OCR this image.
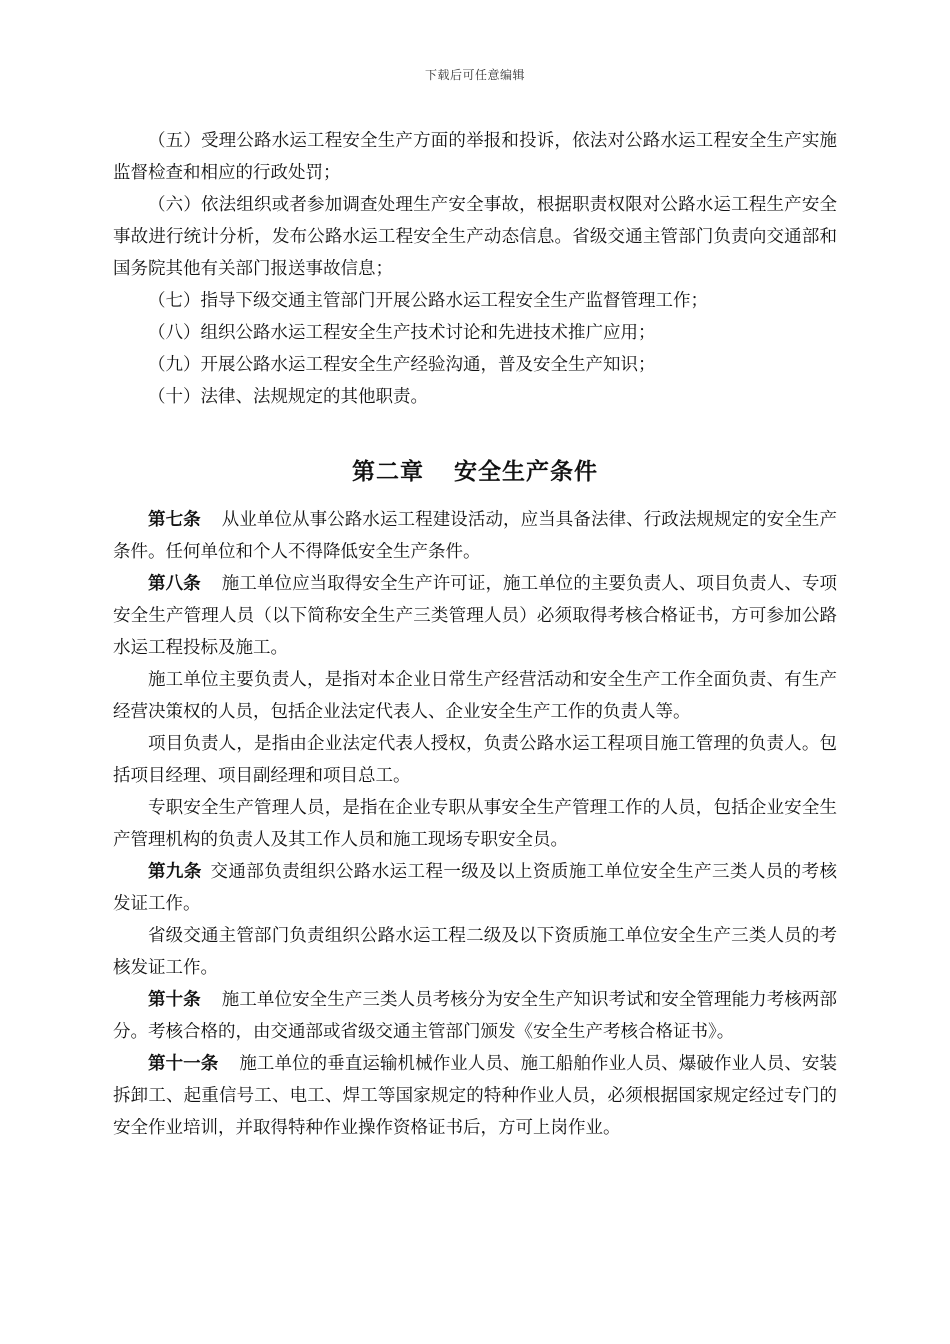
下载后可任意编辑

（五）受理公路水运工程安全生产方面的举报和投诉，依法对公路水运工程安全生产实施监督检查和相应的行政处罚；

（六）依法组织或者参加调查处理生产安全事故，根据职责权限对公路水运工程生产安全事故进行统计分析，发布公路水运工程安全生产动态信息。省级交通主管部门负责向交通部和国务院其他有关部门报送事故信息；

（七）指导下级交通主管部门开展公路水运工程安全生产监督管理工作；

（八）组织公路水运工程安全生产技术讨论和先进技术推广应用；

（九）开展公路水运工程安全生产经验沟通，普及安全生产知识；

（十）法律、法规规定的其他职责。

第二章 安全生产条件

第七条 从业单位从事公路水运工程建设活动，应当具备法律、行政法规规定的安全生产条件。任何单位和个人不得降低安全生产条件。

第八条 施工单位应当取得安全生产许可证，施工单位的主要负责人、项目负责人、专项安全生产管理人员（以下简称安全生产三类管理人员）必须取得考核合格证书，方可参加公路水运工程投标及施工。

施工单位主要负责人，是指对本企业日常生产经营活动和安全生产工作全面负责、有生产经营决策权的人员，包括企业法定代表人、企业安全生产工作的负责人等。

项目负责人，是指由企业法定代表人授权，负责公路水运工程项目施工管理的负责人。包括项目经理、项目副经理和项目总工。

专职安全生产管理人员，是指在企业专职从事安全生产管理工作的人员，包括企业安全生产管理机构的负责人及其工作人员和施工现场专职安全员。

第九条 交通部负责组织公路水运工程一级及以上资质施工单位安全生产三类人员的考核发证工作。

省级交通主管部门负责组织公路水运工程二级及以下资质施工单位安全生产三类人员的考核发证工作。

第十条 施工单位安全生产三类人员考核分为安全生产知识考试和安全管理能力考核两部分。考核合格的，由交通部或省级交通主管部门颁发《安全生产考核合格证书》。

第十一条 施工单位的垂直运输机械作业人员、施工船舶作业人员、爆破作业人员、安装拆卸工、起重信号工、电工、焊工等国家规定的特种作业人员，必须根据国家规定经过专门的安全作业培训，并取得特种作业操作资格证书后，方可上岗作业。
